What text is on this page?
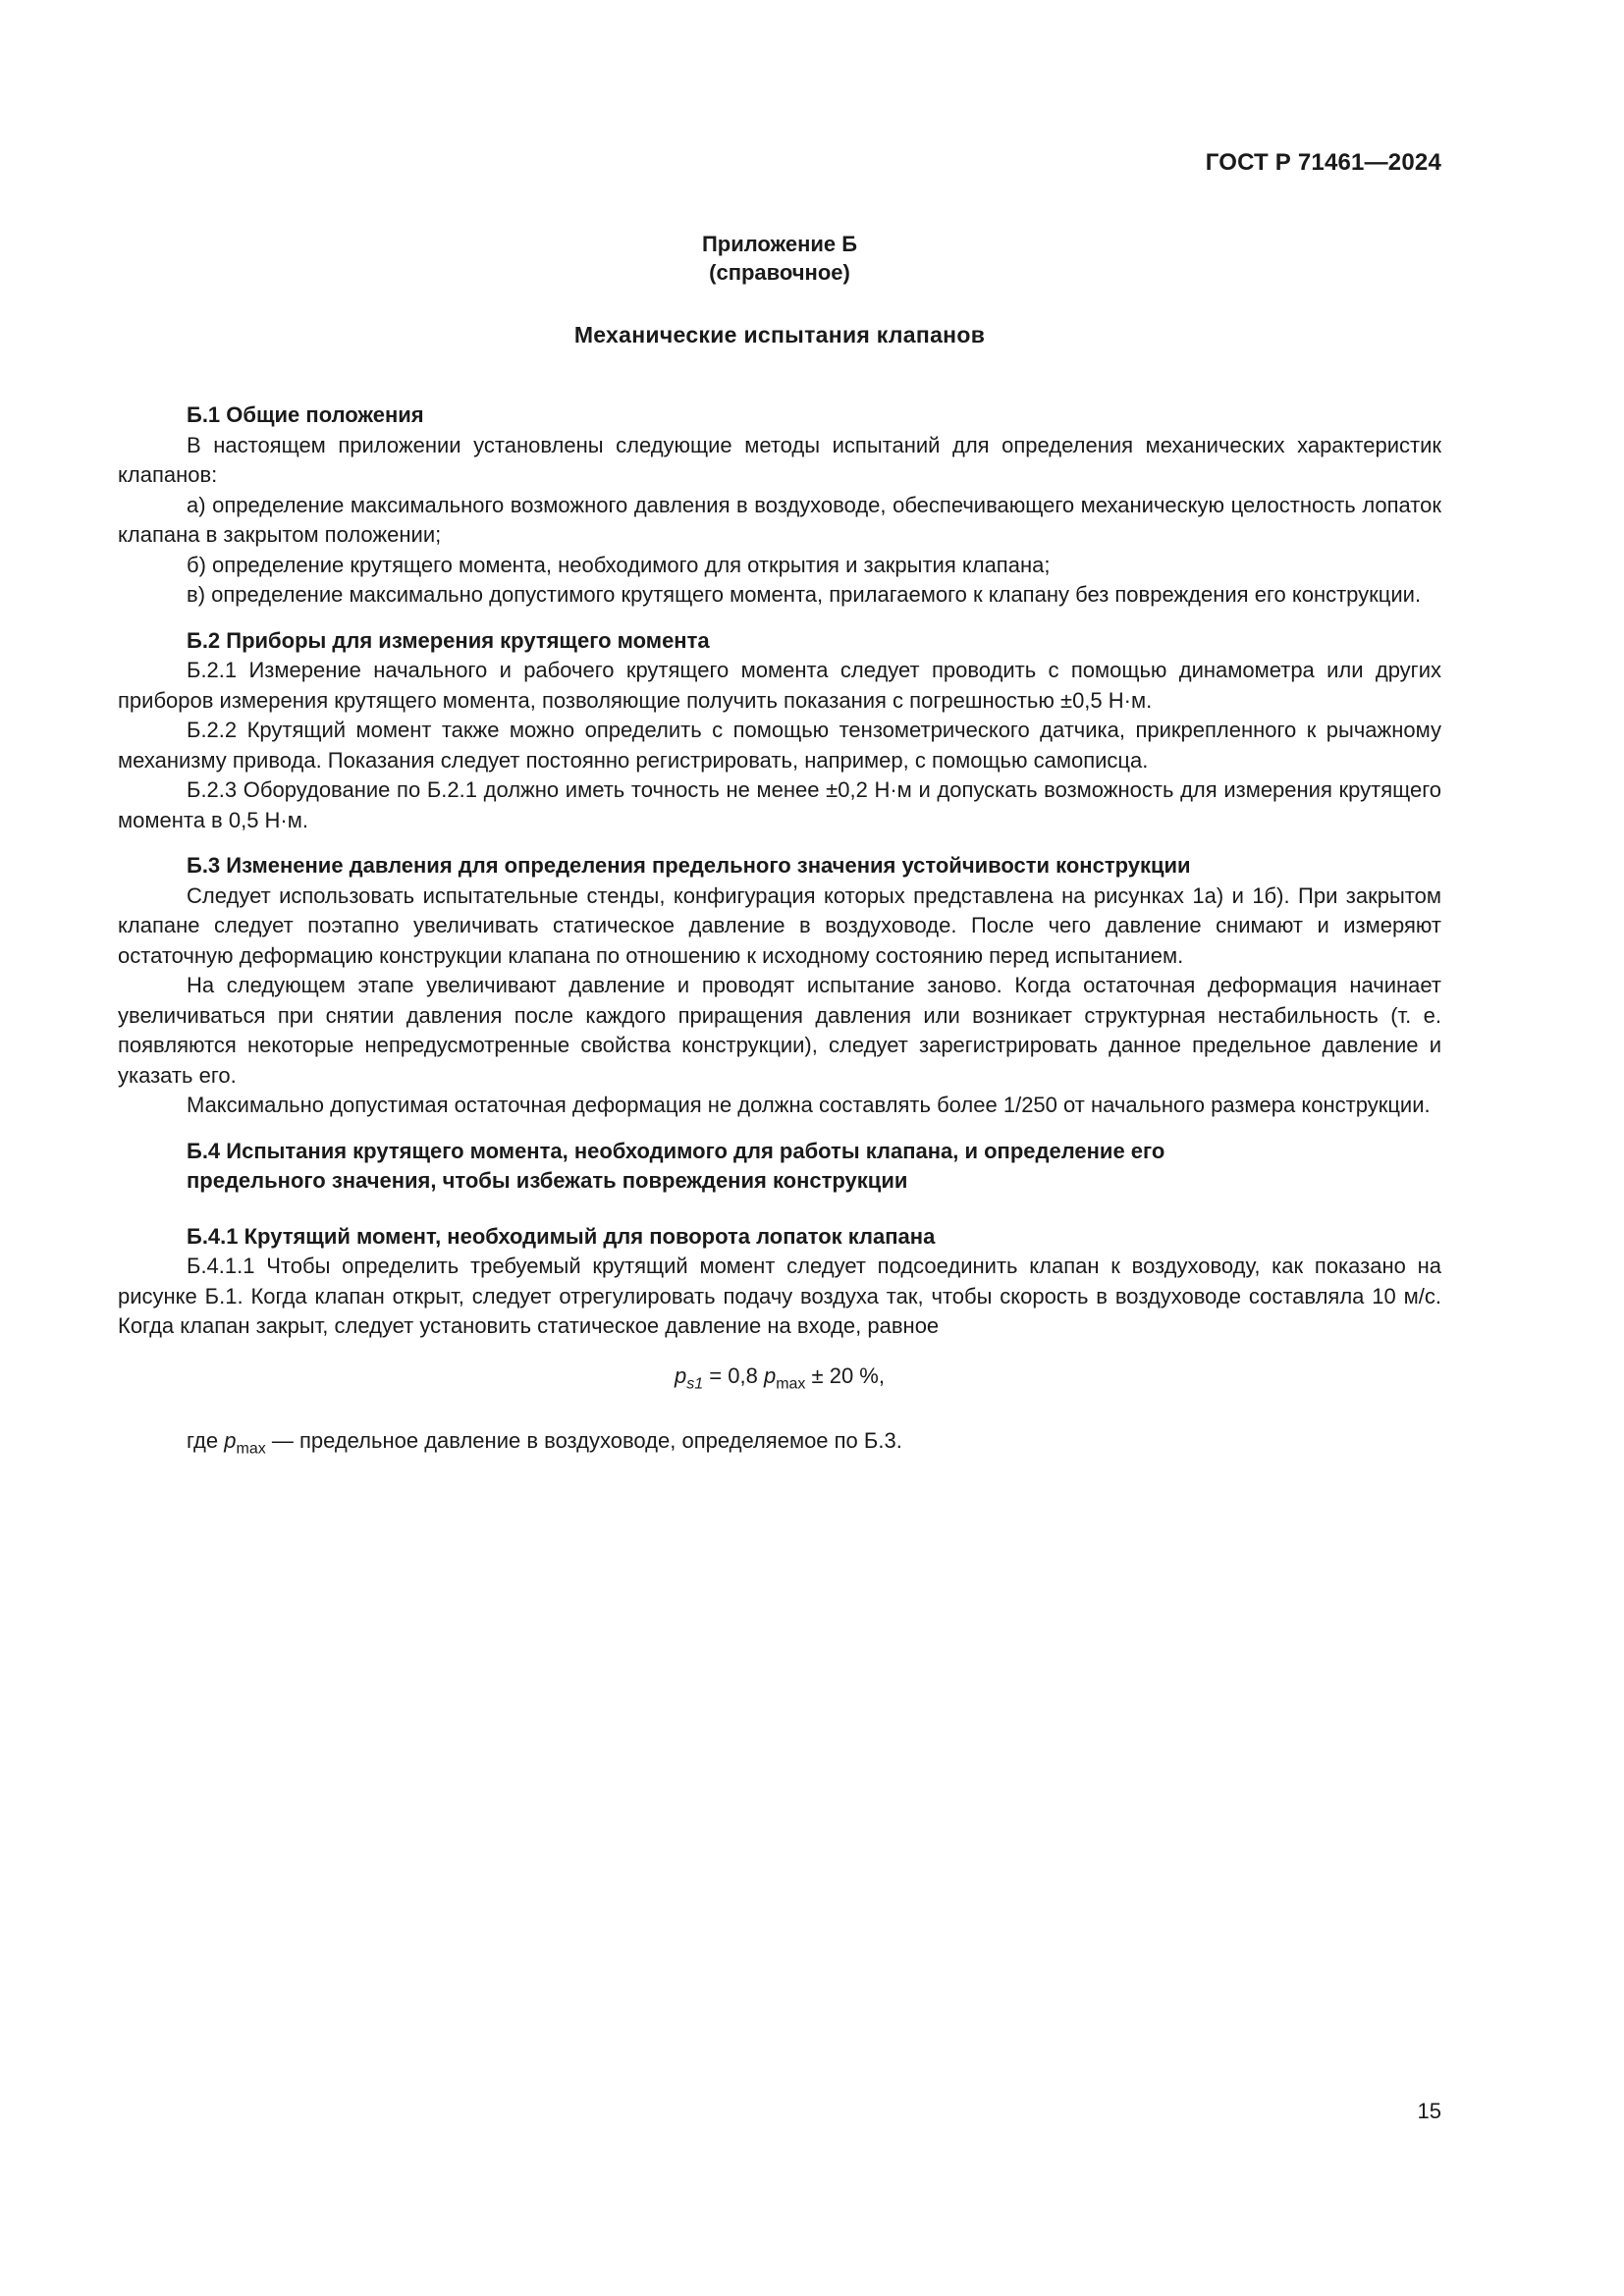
ГОСТ Р 71461—2024
Приложение Б
(справочное)
Механические испытания клапанов
Б.1 Общие положения

В настоящем приложении установлены следующие методы испытаний для определения механических характеристик клапанов:

а) определение максимального возможного давления в воздуховоде, обеспечивающего механическую целостность лопаток клапана в закрытом положении;

б) определение крутящего момента, необходимого для открытия и закрытия клапана;

в) определение максимально допустимого крутящего момента, прилагаемого к клапану без повреждения его конструкции.

Б.2 Приборы для измерения крутящего момента

Б.2.1 Измерение начального и рабочего крутящего момента следует проводить с помощью динамометра или других приборов измерения крутящего момента, позволяющие получить показания с погрешностью ±0,5 Н·м.

Б.2.2 Крутящий момент также можно определить с помощью тензометрического датчика, прикрепленного к рычажному механизму привода. Показания следует постоянно регистрировать, например, с помощью самописца.

Б.2.3 Оборудование по Б.2.1 должно иметь точность не менее ±0,2 Н·м и допускать возможность для измерения крутящего момента в 0,5 Н·м.

Б.3 Изменение давления для определения предельного значения устойчивости конструкции

Следует использовать испытательные стенды, конфигурация которых представлена на рисунках 1а) и 1б). При закрытом клапане следует поэтапно увеличивать статическое давление в воздуховоде. После чего давление снимают и измеряют остаточную деформацию конструкции клапана по отношению к исходному состоянию перед испытанием.

На следующем этапе увеличивают давление и проводят испытание заново. Когда остаточная деформация начинает увеличиваться при снятии давления после каждого приращения давления или возникает структурная нестабильность (т. е. появляются некоторые непредусмотренные свойства конструкции), следует зарегистрировать данное предельное давление и указать его.

Максимально допустимая остаточная деформация не должна составлять более 1/250 от начального размера конструкции.

Б.4 Испытания крутящего момента, необходимого для работы клапана, и определение его
предельного значения, чтобы избежать повреждения конструкции
Б.4.1 Крутящий момент, необходимый для поворота лопаток клапана

Б.4.1.1 Чтобы определить требуемый крутящий момент следует подсоединить клапан к воздуховоду, как показано на рисунке Б.1. Когда клапан открыт, следует отрегулировать подачу воздуха так, чтобы скорость в воздуховоде составляла 10 м/с. Когда клапан закрыт, следует установить статическое давление на входе, равное

$p_{s1} = 0,8$ $p_{max} \pm 20$ %,

где $p_{max}$ — предельное давление в воздуховоде, определяемое по Б.3.

15
